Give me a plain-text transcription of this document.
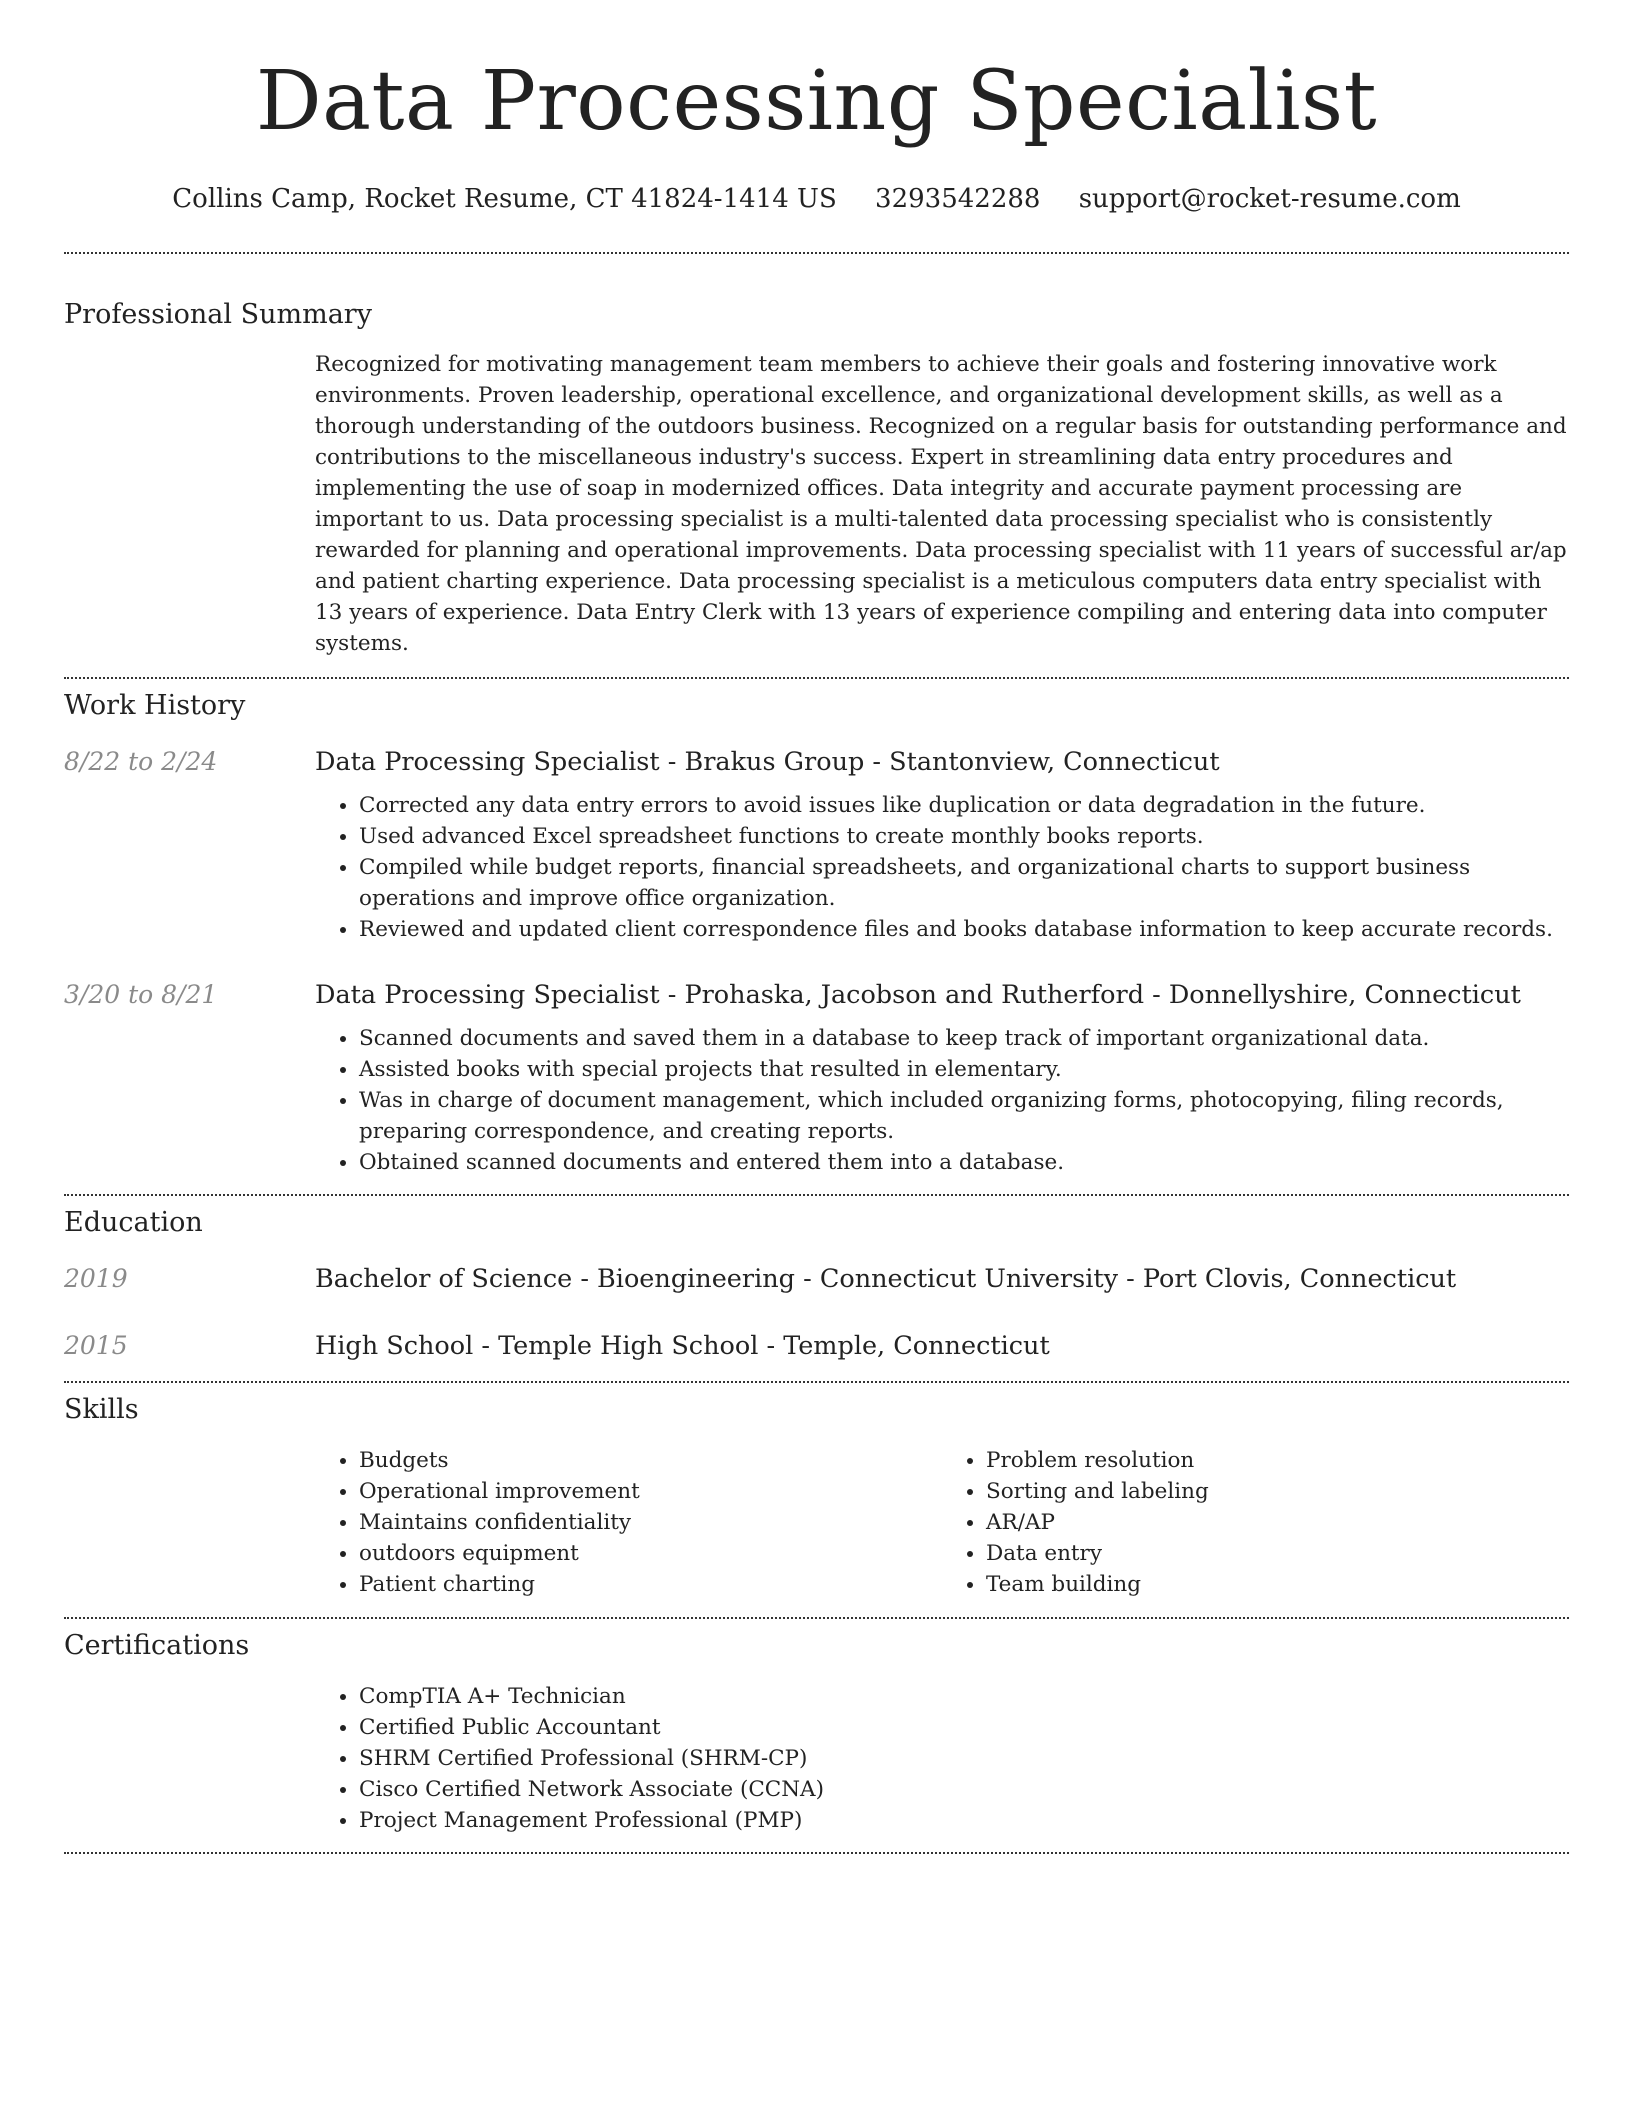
Data Processing Specialist
Collins Camp, Rocket Resume, CT 41824-1414 US 3293542288 support@rocket-resume.com
Professional Summary

Recognized for motivating management team members to achieve their goals and fostering innovative work environments. Proven leadership, operational excellence, and organizational development skills, as well as a thorough understanding of the outdoors business. Recognized on a regular basis for outstanding performance and contributions to the miscellaneous industry's success. Expert in streamlining data entry procedures and implementing the use of soap in modernized offices. Data integrity and accurate payment processing are important to us. Data processing specialist is a multi-talented data processing specialist who is consistently rewarded for planning and operational improvements. Data processing specialist with 11 years of successful ar/ap and patient charting experience. Data processing specialist is a meticulous computers data entry specialist with 13 years of experience. Data Entry Clerk with 13 years of experience compiling and entering data into computer systems.

Work History
8/22 to 2/24	Data Processing Specialist - Brakus Group - Stantonview, Connecticut
• Corrected any data entry errors to avoid issues like duplication or data degradation in the future.
• Used advanced Excel spreadsheet functions to create monthly books reports.
• Compiled while budget reports, financial spreadsheets, and organizational charts to support business operations and improve office organization.
• Reviewed and updated client correspondence files and books database information to keep accurate records.
3/20 to 8/21	Data Processing Specialist - Prohaska, Jacobson and Rutherford - Donnellyshire, Connecticut
• Scanned documents and saved them in a database to keep track of important organizational data.
• Assisted books with special projects that resulted in elementary.
• Was in charge of document management, which included organizing forms, photocopying, filing records, preparing correspondence, and creating reports.
• Obtained scanned documents and entered them into a database.
Education
2019	Bachelor of Science - Bioengineering - Connecticut University - Port Clovis, Connecticut
2015	High School - Temple High School - Temple, Connecticut
Skills
• Budgets
• Operational improvement
• Maintains confidentiality
• outdoors equipment
• Patient charting
• Problem resolution
• Sorting and labeling
• AR/AP
• Data entry
• Team building
Certifications
• CompTIA A+ Technician
• Certified Public Accountant
• SHRM Certified Professional (SHRM-CP)
• Cisco Certified Network Associate (CCNA)
• Project Management Professional (PMP)
